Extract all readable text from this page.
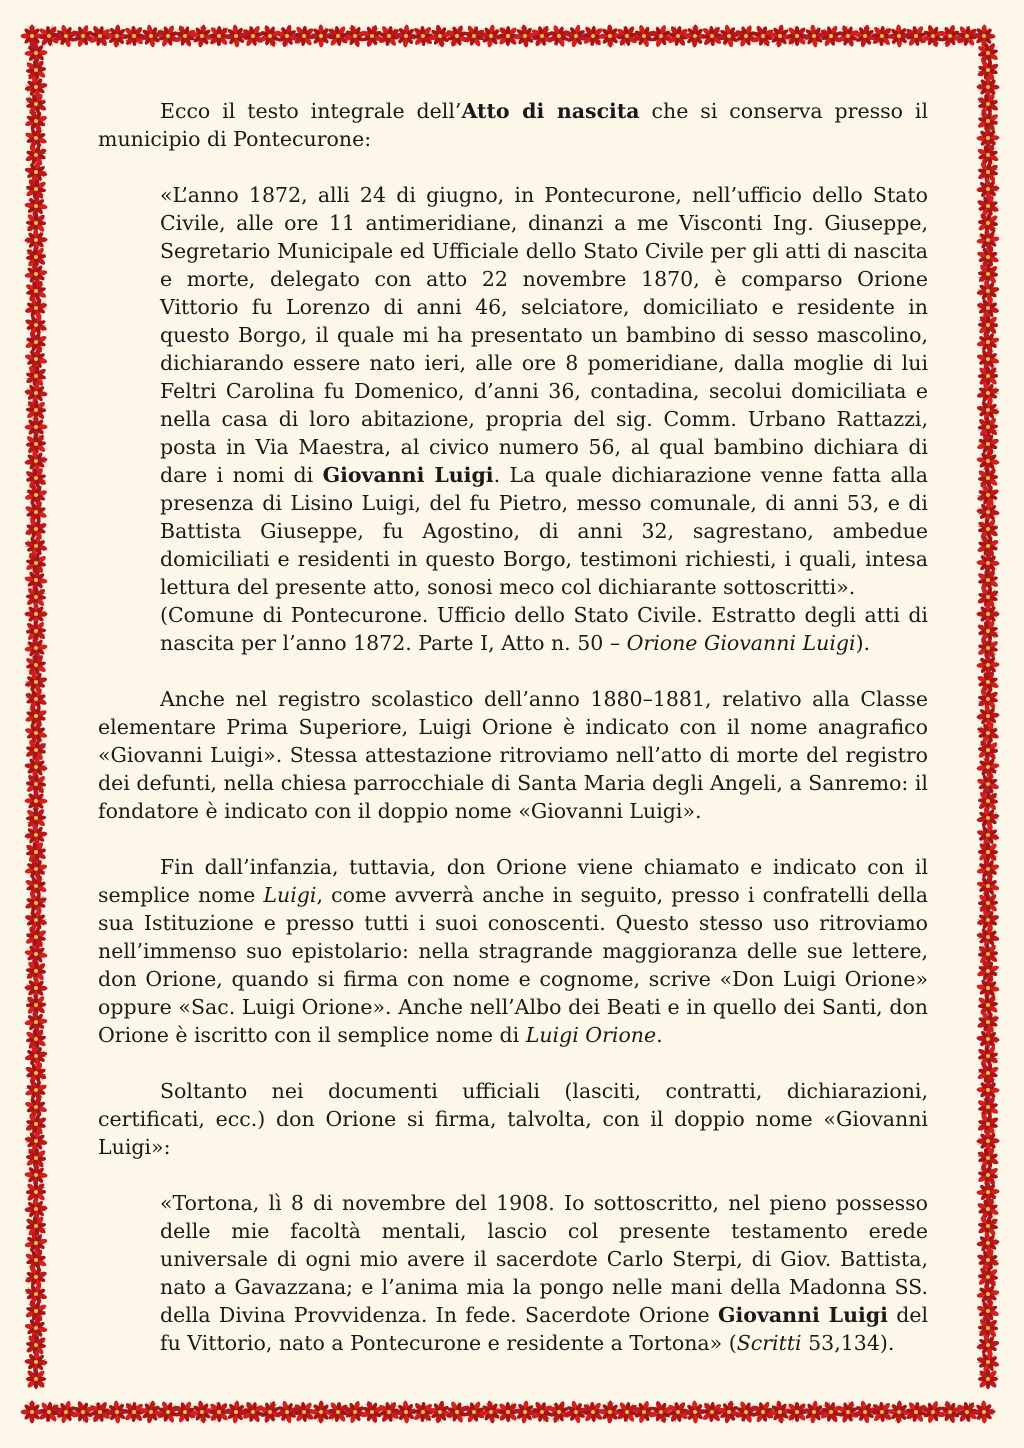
Ecco il testo integrale dell’Atto di nascita che si conserva presso il municipio di Pontecurone:

«L’anno 1872, alli 24 di giugno, in Pontecurone, nell’ufficio dello Stato Civile, alle ore 11 antimeridiane, dinanzi a me Visconti Ing. Giuseppe, Segretario Municipale ed Ufficiale dello Stato Civile per gli atti di nascita e morte, delegato con atto 22 novembre 1870, è comparso Orione Vittorio fu Lorenzo di anni 46, selciatore, domiciliato e residente in questo Borgo, il quale mi ha presentato un bambino di sesso mascolino, dichiarando essere nato ieri, alle ore 8 pomeridiane, dalla moglie di lui Feltri Carolina fu Domenico, d’anni 36, contadina, secolui domiciliata e nella casa di loro abitazione, propria del sig. Comm. Urbano Rattazzi, posta in Via Maestra, al civico numero 56, al qual bambino dichiara di dare i nomi di Giovanni Luigi. La quale dichiarazione venne fatta alla presenza di Lisino Luigi, del fu Pietro, messo comunale, di anni 53, e di Battista Giuseppe, fu Agostino, di anni 32, sagrestano, ambedue domiciliati e residenti in questo Borgo, testimoni richiesti, i quali, intesa lettura del presente atto, sonosi meco col dichiarante sottoscritti».

(Comune di Pontecurone. Ufficio dello Stato Civile. Estratto degli atti di nascita per l’anno 1872. Parte I, Atto n. 50 – Orione Giovanni Luigi).

Anche nel registro scolastico dell’anno 1880–1881, relativo alla Classe elementare Prima Superiore, Luigi Orione è indicato con il nome anagrafico «Giovanni Luigi». Stessa attestazione ritroviamo nell’atto di morte del registro dei defunti, nella chiesa parrocchiale di Santa Maria degli Angeli, a Sanremo: il fondatore è indicato con il doppio nome «Giovanni Luigi».

Fin dall’infanzia, tuttavia, don Orione viene chiamato e indicato con il semplice nome Luigi, come avverrà anche in seguito, presso i confratelli della sua Istituzione e presso tutti i suoi conoscenti. Questo stesso uso ritroviamo nell’immenso suo epistolario: nella stragrande maggioranza delle sue lettere, don Orione, quando si firma con nome e cognome, scrive «Don Luigi Orione» oppure «Sac. Luigi Orione». Anche nell’Albo dei Beati e in quello dei Santi, don Orione è iscritto con il semplice nome di Luigi Orione.

Soltanto nei documenti ufficiali (lasciti, contratti, dichiarazioni, certificati, ecc.) don Orione si firma, talvolta, con il doppio nome «Giovanni Luigi»:

«Tortona, lì 8 di novembre del 1908. Io sottoscritto, nel pieno possesso delle mie facoltà mentali, lascio col presente testamento erede universale di ogni mio avere il sacerdote Carlo Sterpi, di Giov. Battista, nato a Gavazzana; e l’anima mia la pongo nelle mani della Madonna SS. della Divina Provvidenza. In fede. Sacerdote Orione Giovanni Luigi del fu Vittorio, nato a Pontecurone e residente a Tortona» (Scritti 53,134).
